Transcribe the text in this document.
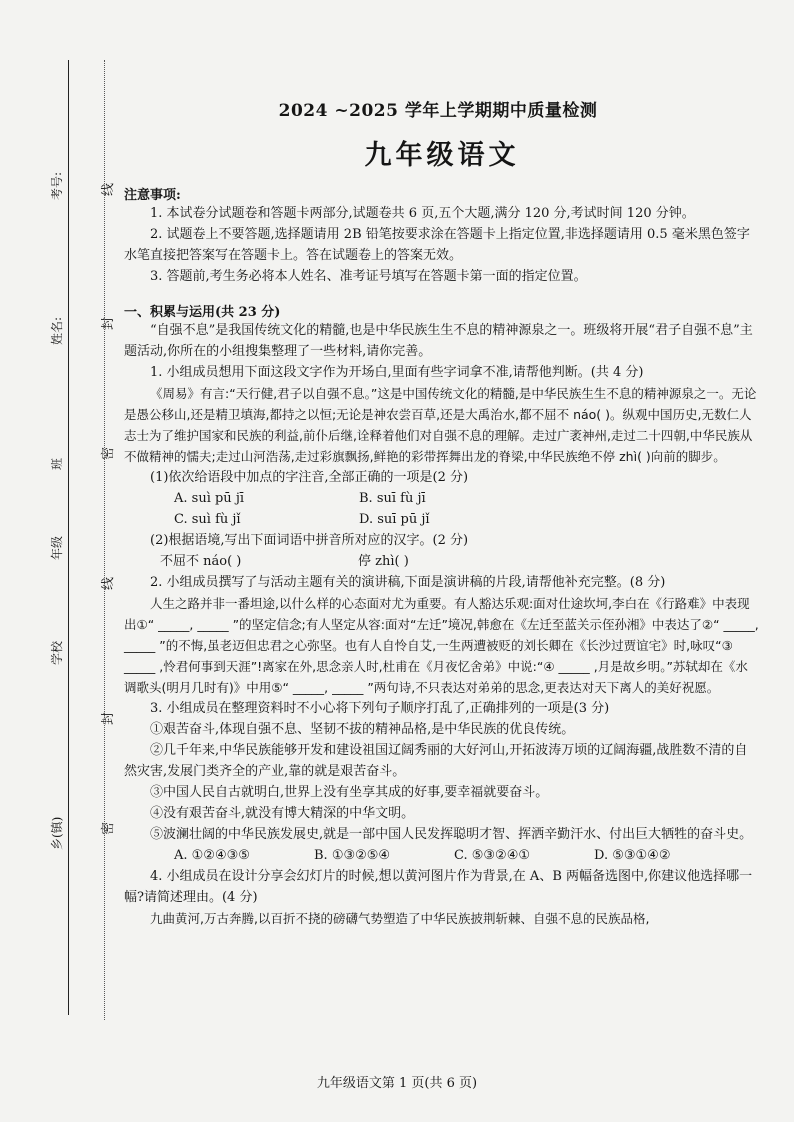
考号:
姓名:
班
年级
学校
乡(镇)
线
封
密
线
封
密
2024 ~2025 学年上学期期中质量检测
九年级语文
注意事项:
1. 本试卷分试题卷和答题卡两部分,试题卷共 6 页,五个大题,满分 120 分,考试时间 120 分钟。
2. 试题卷上不要答题,选择题请用 2B 铅笔按要求涂在答题卡上指定位置,非选择题请用 0.5 毫米黑色签字水笔直接把答案写在答题卡上。答在试题卷上的答案无效。
3. 答题前,考生务必将本人姓名、准考证号填写在答题卡第一面的指定位置。
一、积累与运用(共 23 分)
“自强不息”是我国传统文化的精髓,也是中华民族生生不息的精神源泉之一。班级将开展“君子自强不息”主题活动,你所在的小组搜集整理了一些材料,请你完善。
1. 小组成员想用下面这段文字作为开场白,里面有些字词拿不准,请帮他判断。(共 4 分)
《周易》有言:“天行健,君子以自强不息。”这是中国传统文化的精髓,是中华民族生生不息的精神源泉之一。无论是愚公移山,还是精卫填海,都持之以恒;无论是神农尝百草,还是大禹治水,都不屈不 náo( )。纵观中国历史,无数仁人志士为了维护国家和民族的利益,前仆后继,诠释着他们对自强不息的理解。走过广袤神州,走过二十四朝,中华民族从不做精神的懦夫;走过山河浩荡,走过彩旗飘扬,鲜艳的彩带挥舞出龙的脊梁,中华民族绝不停 zhì( )向前的脚步。
(1)依次给语段中加点的字注音,全部正确的一项是(2 分)
A. suì pū jī	B. suī fù jī
C. suì fù jǐ	D. suī pū jǐ
(2)根据语境,写出下面词语中拼音所对应的汉字。(2 分)
不屈不 náo( )	停 zhì( )
2. 小组成员撰写了与活动主题有关的演讲稿,下面是演讲稿的片段,请帮他补充完整。(8 分)
人生之路并非一番坦途,以什么样的心态面对尤为重要。有人豁达乐观:面对仕途坎坷,李白在《行路难》中表现出①“ _____, _____ ”的坚定信念;有人坚定从容:面对“左迁”境况,韩愈在《左迁至蓝关示侄孙湘》中表达了②“ _____, _____ ”的不悔,虽老迈但忠君之心弥坚。也有人自怜自艾,一生两遭被贬的刘长卿在《长沙过贾谊宅》时,咏叹“③ _____ ,怜君何事到天涯”!离家在外,思念亲人时,杜甫在《月夜忆舍弟》中说:“④ _____ ,月是故乡明。”苏轼却在《水调歌头(明月几时有)》中用⑤“ _____, _____ ”两句诗,不只表达对弟弟的思念,更表达对天下离人的美好祝愿。
3. 小组成员在整理资料时不小心将下列句子顺序打乱了,正确排列的一项是(3 分)
①艰苦奋斗,体现自强不息、坚韧不拔的精神品格,是中华民族的优良传统。
②几千年来,中华民族能够开发和建设祖国辽阔秀丽的大好河山,开拓波涛万顷的辽阔海疆,战胜数不清的自然灾害,发展门类齐全的产业,靠的就是艰苦奋斗。
③中国人民自古就明白,世界上没有坐享其成的好事,要幸福就要奋斗。
④没有艰苦奋斗,就没有博大精深的中华文明。
⑤波澜壮阔的中华民族发展史,就是一部中国人民发挥聪明才智、挥洒辛勤汗水、付出巨大牺牲的奋斗史。
A. ①②④③⑤	B. ①③②⑤④	C. ⑤③②④①	D. ⑤③①④②
4. 小组成员在设计分享会幻灯片的时候,想以黄河图片作为背景,在 A、B 两幅备选图中,你建议他选择哪一幅?请简述理由。(4 分)
九曲黄河,万古奔腾,以百折不挠的磅礴气势塑造了中华民族披荆斩棘、自强不息的民族品格,
九年级语文第 1 页(共 6 页)
